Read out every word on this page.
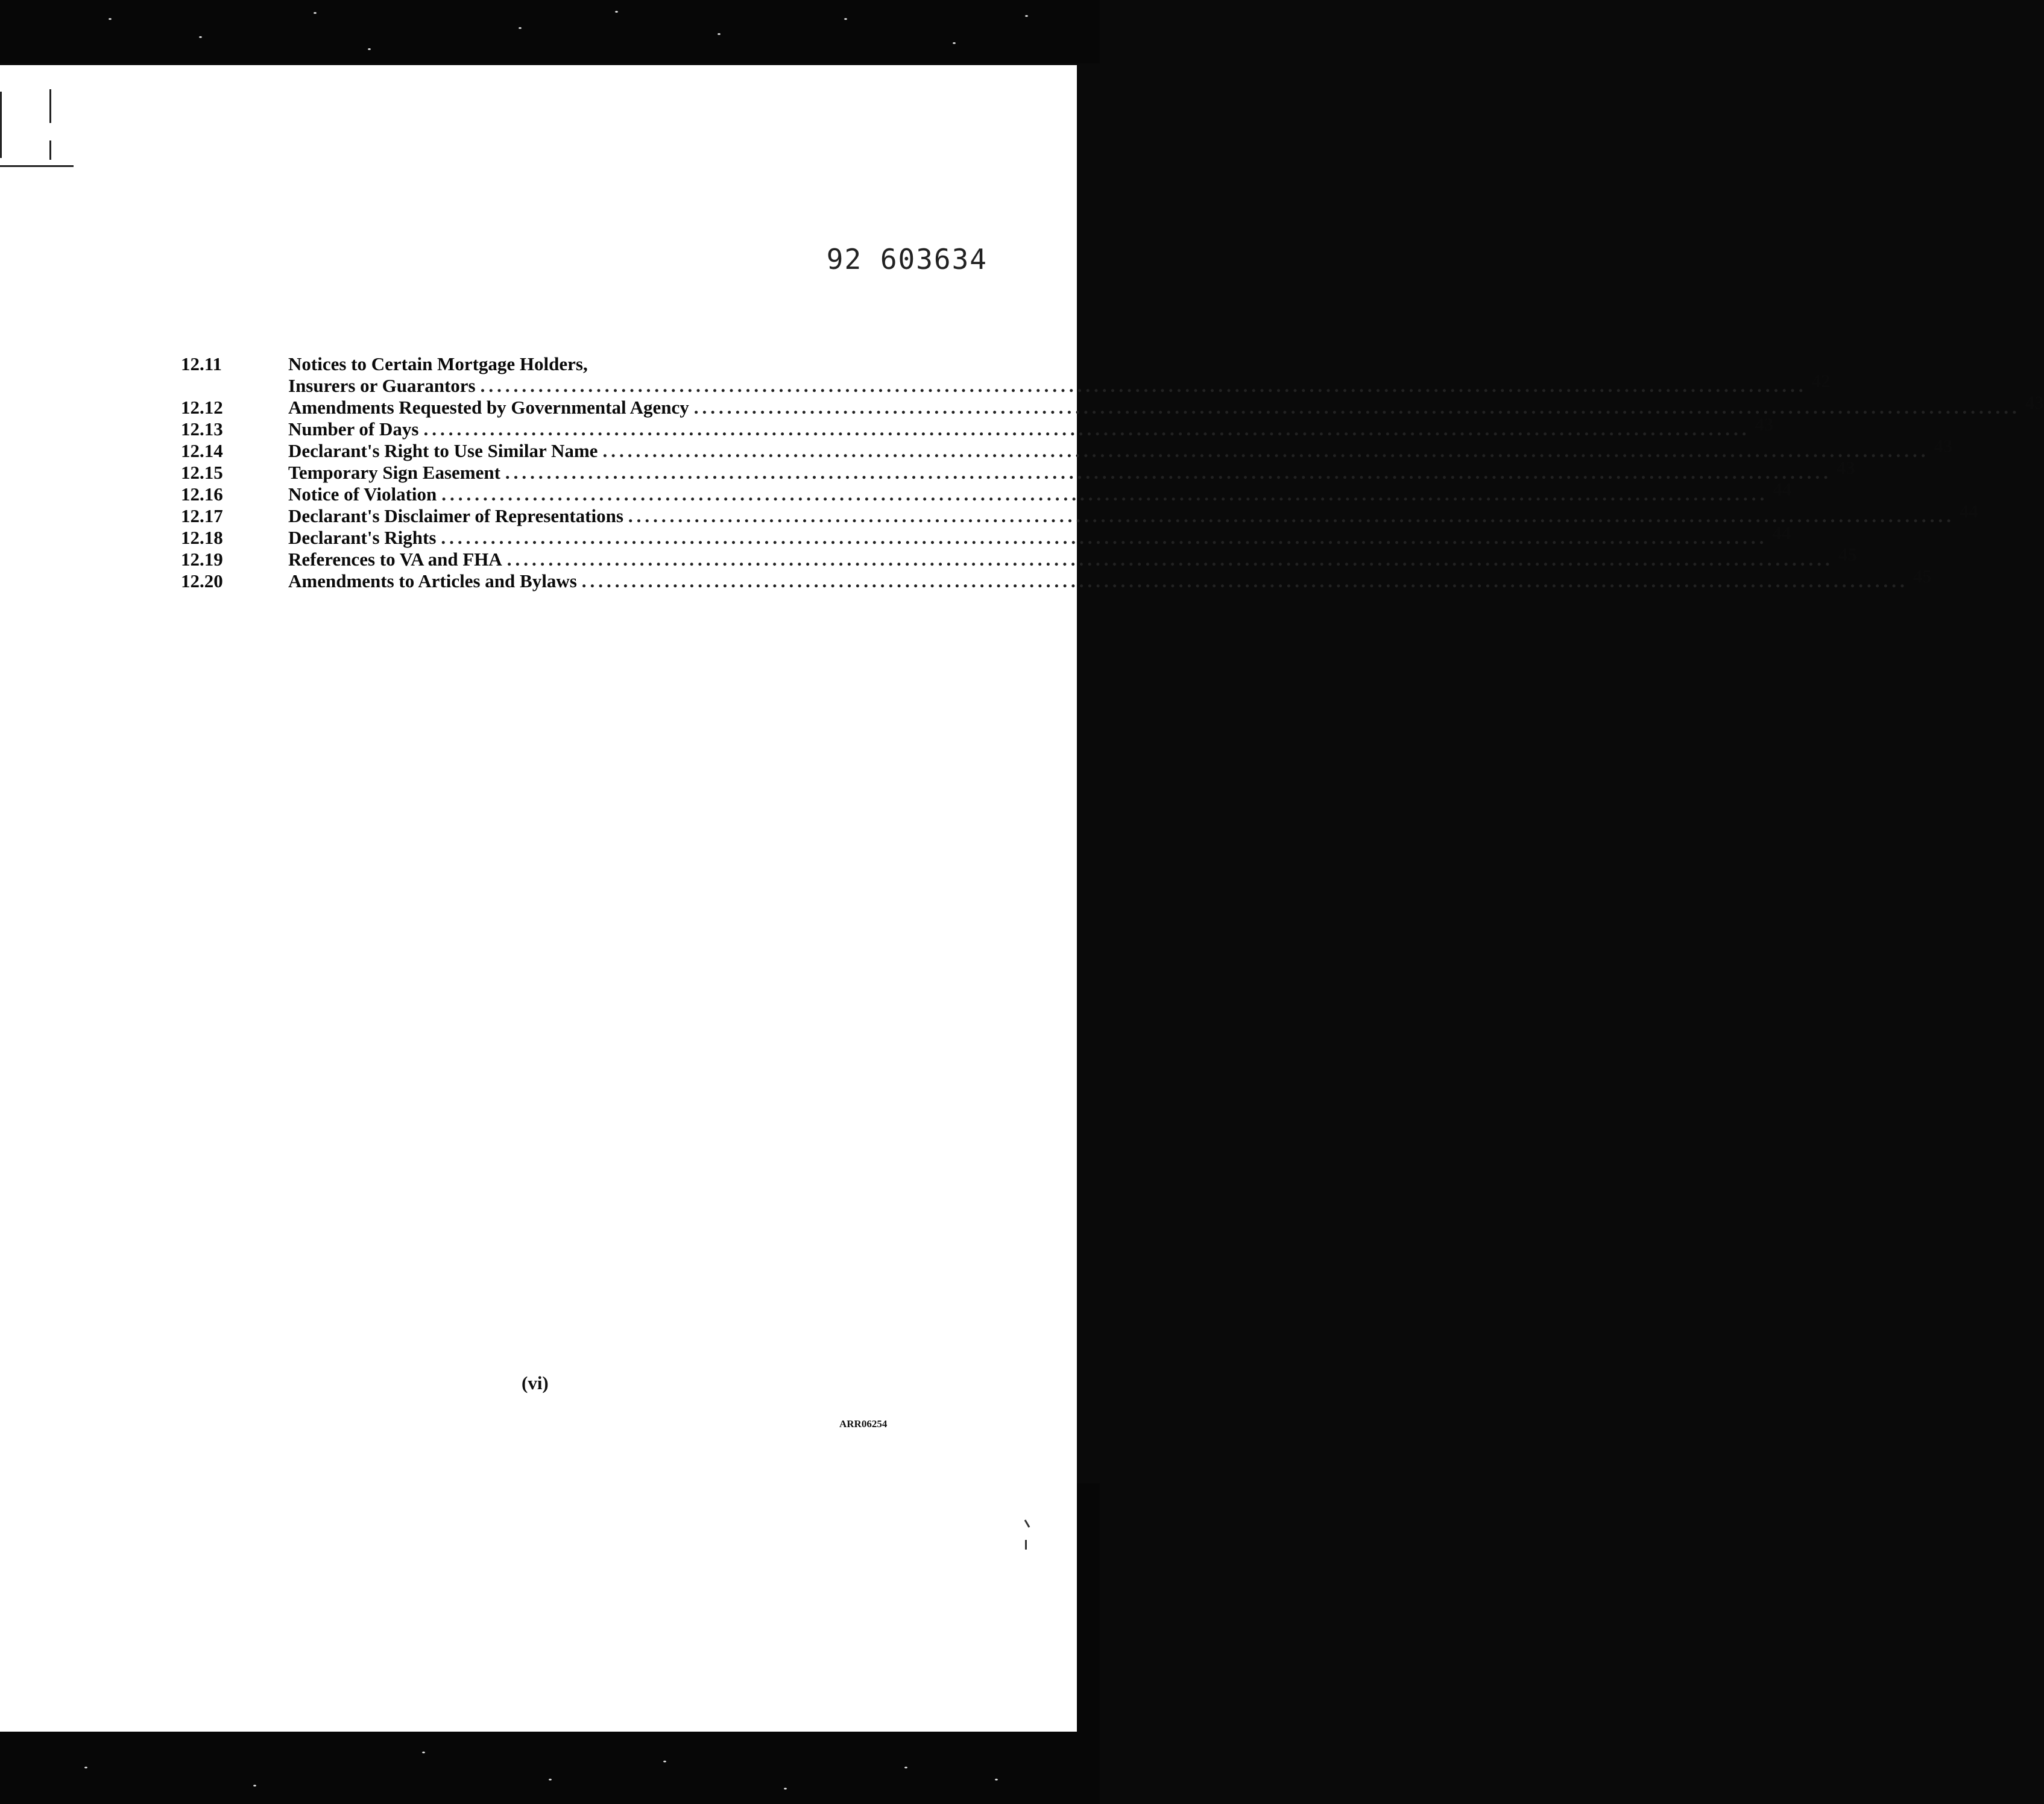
92 603634
12.11	Notices to Certain Mortgage Holders,
Insurers or Guarantors ................................................................................................................................................................ 42
12.12	Amendments Requested by Governmental Agency ................................................................................................................................................................ 43
12.13	Number of Days ................................................................................................................................................................ 43
12.14	Declarant's Right to Use Similar Name ................................................................................................................................................................ 43
12.15	Temporary Sign Easement ................................................................................................................................................................ 43
12.16	Notice of Violation ................................................................................................................................................................ 44
12.17	Declarant's Disclaimer of Representations ................................................................................................................................................................ 44
12.18	Declarant's Rights ................................................................................................................................................................ 44
12.19	References to VA and FHA ................................................................................................................................................................ 45
12.20	Amendments to Articles and Bylaws ................................................................................................................................................................ 45
(vi)
ARR06254
